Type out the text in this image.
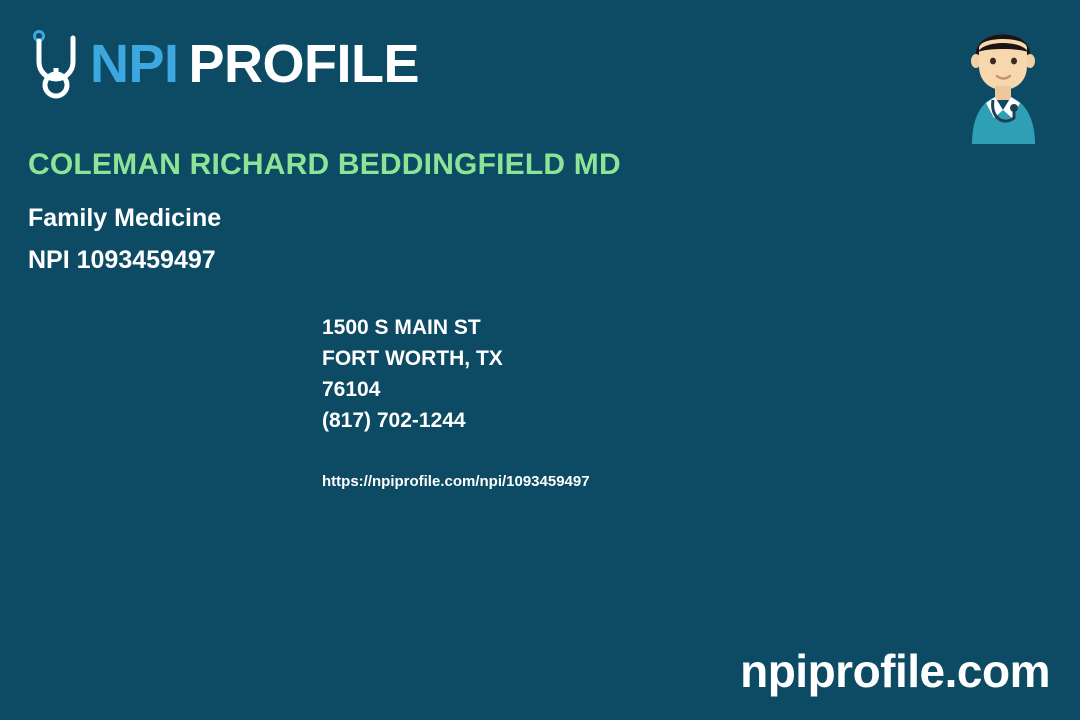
NPI PROFILE
COLEMAN RICHARD BEDDINGFIELD MD
Family Medicine
NPI 1093459497
1500 S MAIN ST
FORT WORTH, TX
76104
(817) 702-1244
https://npiprofile.com/npi/1093459497
npiprofile.com
